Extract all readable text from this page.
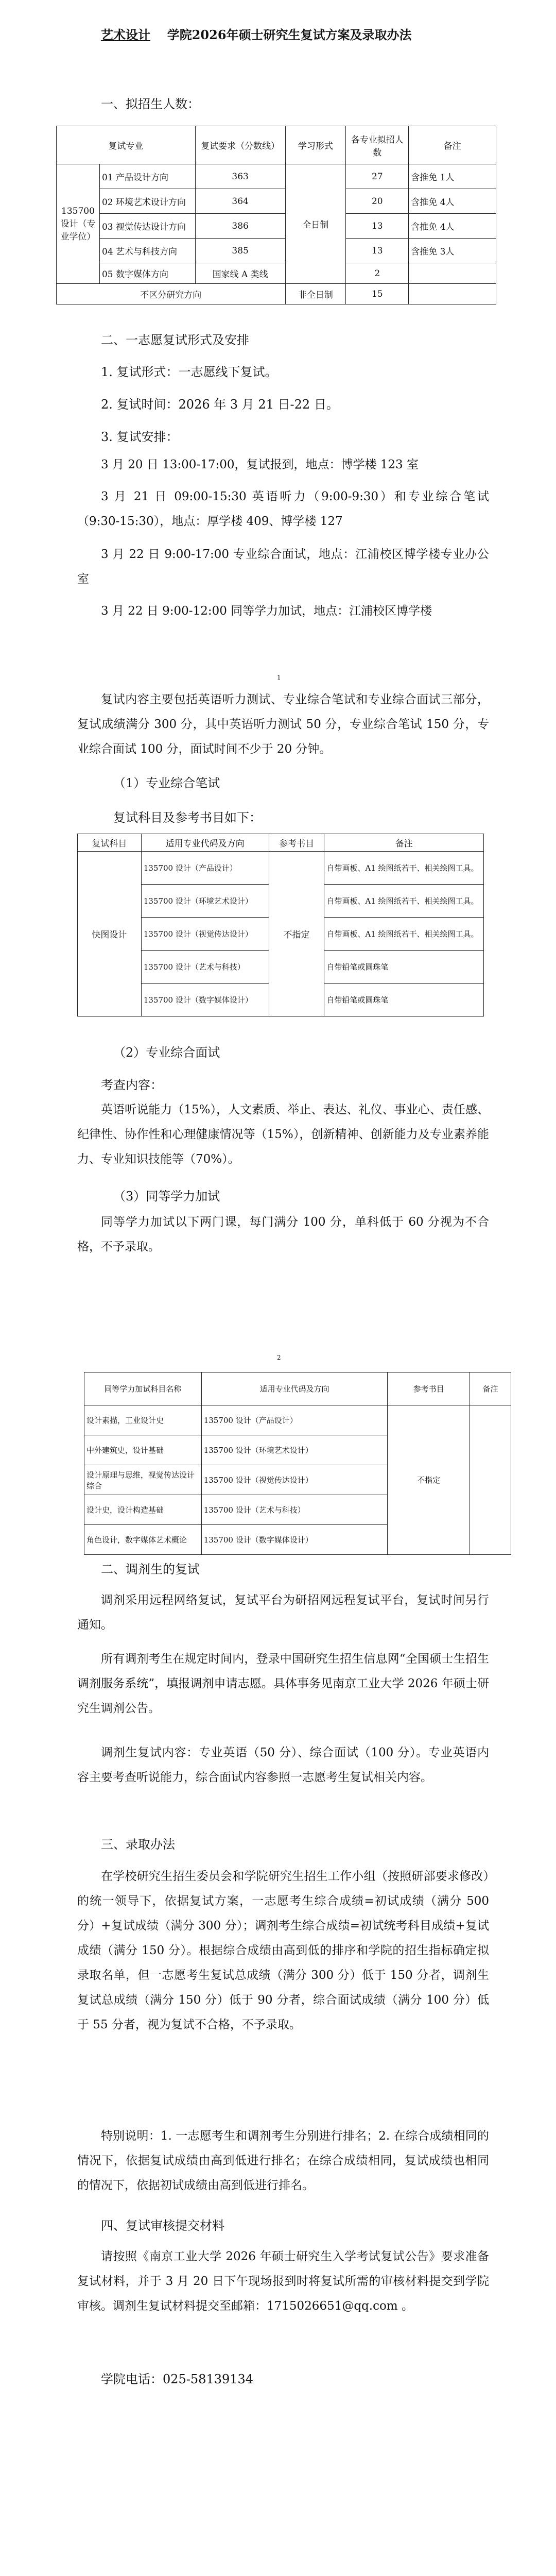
艺术设计 学院2026年硕士研究生复试方案及录取办法
一、拟招生人数：
复试专业		复试要求（分数线）	学习形式	各专业拟招人数	备注
135700 设计（专业学位）	01 产品设计方向	363	全日制	27	含推免 1人
	02 环境艺术设计方向	364		20	含推免 4人
	03 视觉传达设计方向	386		13	含推免 4人
	04 艺术与科技方向	385		13	含推免 3人
	05 数字媒体方向	国家线 A 类线		2	
不区分研究方向			非全日制	15	
二、一志愿复试形式及安排
1. 复试形式：一志愿线下复试。
2. 复试时间：2026 年 3 月 21 日-22 日。
3. 复试安排：
3 月 20 日 13:00-17:00，复试报到，地点：博学楼 123 室
3 月 21 日 09:00-15:30 英语听力（9:00-9:30）和专业综合笔试（9:30-15:30），地点：厚学楼 409、博学楼 127
3 月 22 日 9:00-17:00 专业综合面试，地点：江浦校区博学楼专业办公室
3 月 22 日 9:00-12:00 同等学力加试，地点：江浦校区博学楼
1
复试内容主要包括英语听力测试、专业综合笔试和专业综合面试三部分，复试成绩满分 300 分，其中英语听力测试 50 分，专业综合笔试 150 分，专业综合面试 100 分，面试时间不少于 20 分钟。
（1）专业综合笔试
复试科目及参考书目如下：
复试科目	适用专业代码及方向	参考书目	备注
快图设计	135700 设计（产品设计）	不指定	自带画板、A1 绘图纸若干、相关绘图工具。
	135700 设计（环境艺术设计）		自带画板、A1 绘图纸若干、相关绘图工具。
	135700 设计（视觉传达设计）		自带画板、A1 绘图纸若干、相关绘图工具。
	135700 设计（艺术与科技）		自带铅笔或圆珠笔
	135700 设计（数字媒体设计）		自带铅笔或圆珠笔
（2）专业综合面试
考查内容：
英语听说能力（15%），人文素质、举止、表达、礼仪、事业心、责任感、纪律性、协作性和心理健康情况等（15%），创新精神、创新能力及专业素养能力、专业知识技能等（70%）。
（3）同等学力加试
同等学力加试以下两门课，每门满分 100 分，单科低于 60 分视为不合格，不予录取。
2
同等学力加试科目名称	适用专业代码及方向	参考书目	备注
设计素描，工业设计史	135700 设计（产品设计）	不指定	
中外建筑史，设计基础	135700 设计（环境艺术设计）		
设计原理与思维，视觉传达设计综合	135700 设计（视觉传达设计）		
设计史，设计构造基础	135700 设计（艺术与科技）		
角色设计，数字媒体艺术概论	135700 设计（数字媒体设计）		
二、调剂生的复试
调剂采用远程网络复试，复试平台为研招网远程复试平台，复试时间另行通知。
所有调剂考生在规定时间内，登录中国研究生招生信息网“全国硕士生招生调剂服务系统”，填报调剂申请志愿。具体事务见南京工业大学 2026 年硕士研究生调剂公告。
调剂生复试内容：专业英语（50 分）、综合面试（100 分）。专业英语内容主要考查听说能力，综合面试内容参照一志愿考生复试相关内容。
三、录取办法
在学校研究生招生委员会和学院研究生招生工作小组（按照研部要求修改）的统一领导下，依据复试方案，一志愿考生综合成绩=初试成绩（满分 500 分）+复试成绩（满分 300 分）；调剂考生综合成绩=初试统考科目成绩+复试成绩（满分 150 分）。根据综合成绩由高到低的排序和学院的招生指标确定拟录取名单，但一志愿考生复试总成绩（满分 300 分）低于 150 分者，调剂生复试总成绩（满分 150 分）低于 90 分者，综合面试成绩（满分 100 分）低于 55 分者，视为复试不合格，不予录取。
特别说明：1. 一志愿考生和调剂考生分别进行排名；2. 在综合成绩相同的情况下，依据复试成绩由高到低进行排名；在综合成绩相同，复试成绩也相同的情况下，依据初试成绩由高到低进行排名。
四、复试审核提交材料
请按照《南京工业大学 2026 年硕士研究生入学考试复试公告》要求准备复试材料，并于 3 月 20 日下午现场报到时将复试所需的审核材料提交到学院审核。调剂生复试材料提交至邮箱：1715026651@qq.com 。
学院电话：025-58139134
